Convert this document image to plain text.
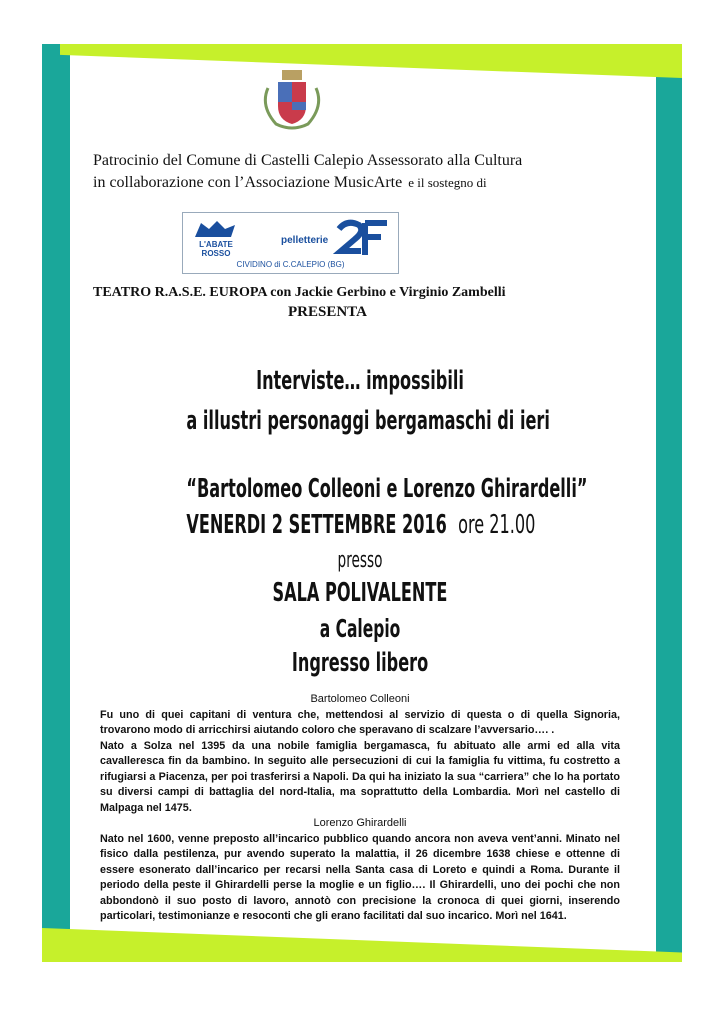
Patrocinio del Comune di Castelli Calepio Assessorato alla Cultura
in collaborazione con l’Associazione MusicArte e il sostegno di
L'ABATE
ROSSO
pelletterie
CIVIDINO di C.CALEPIO (BG)
TEATRO R.A.S.E. EUROPA con Jackie Gerbino e Virginio Zambelli
PRESENTA
Interviste… impossibili
a illustri personaggi bergamaschi di ieri
“Bartolomeo Colleoni e Lorenzo Ghirardelli”
VENERDI 2 SETTEMBRE 2016 ore 21.00
presso
SALA POLIVALENTE
a Calepio
Ingresso libero
Bartolomeo Colleoni

Fu uno di quei capitani di ventura che, mettendosi al servizio di questa o di quella Signoria, trovarono modo di arricchirsi aiutando coloro che speravano di scalzare l’avversario…. .

Nato a Solza nel 1395 da una nobile famiglia bergamasca, fu abituato alle armi ed alla vita cavalleresca fin da bambino. In seguito alle persecuzioni di cui la famiglia fu vittima, fu costretto a rifugiarsi a Piacenza, per poi trasferirsi a Napoli. Da qui ha iniziato la sua “carriera” che lo ha portato su diversi campi di battaglia del nord-Italia, ma soprattutto della Lombardia. Morì nel castello di Malpaga nel 1475.

Lorenzo Ghirardelli

Nato nel 1600, venne preposto all’incarico pubblico quando ancora non aveva vent’anni. Minato nel fisico dalla pestilenza, pur avendo superato la malattia, il 26 dicembre 1638 chiese e ottenne di essere esonerato dall’incarico per recarsi nella Santa casa di Loreto e quindi a Roma. Durante il periodo della peste il Ghirardelli perse la moglie e un figlio…. Il Ghirardelli, uno dei pochi che non abbondonò il suo posto di lavoro, annotò con precisione la cronoca di quei giorni, inserendo particolari, testimonianze e resoconti che gli erano facilitati dal suo incarico. Morì nel 1641.
